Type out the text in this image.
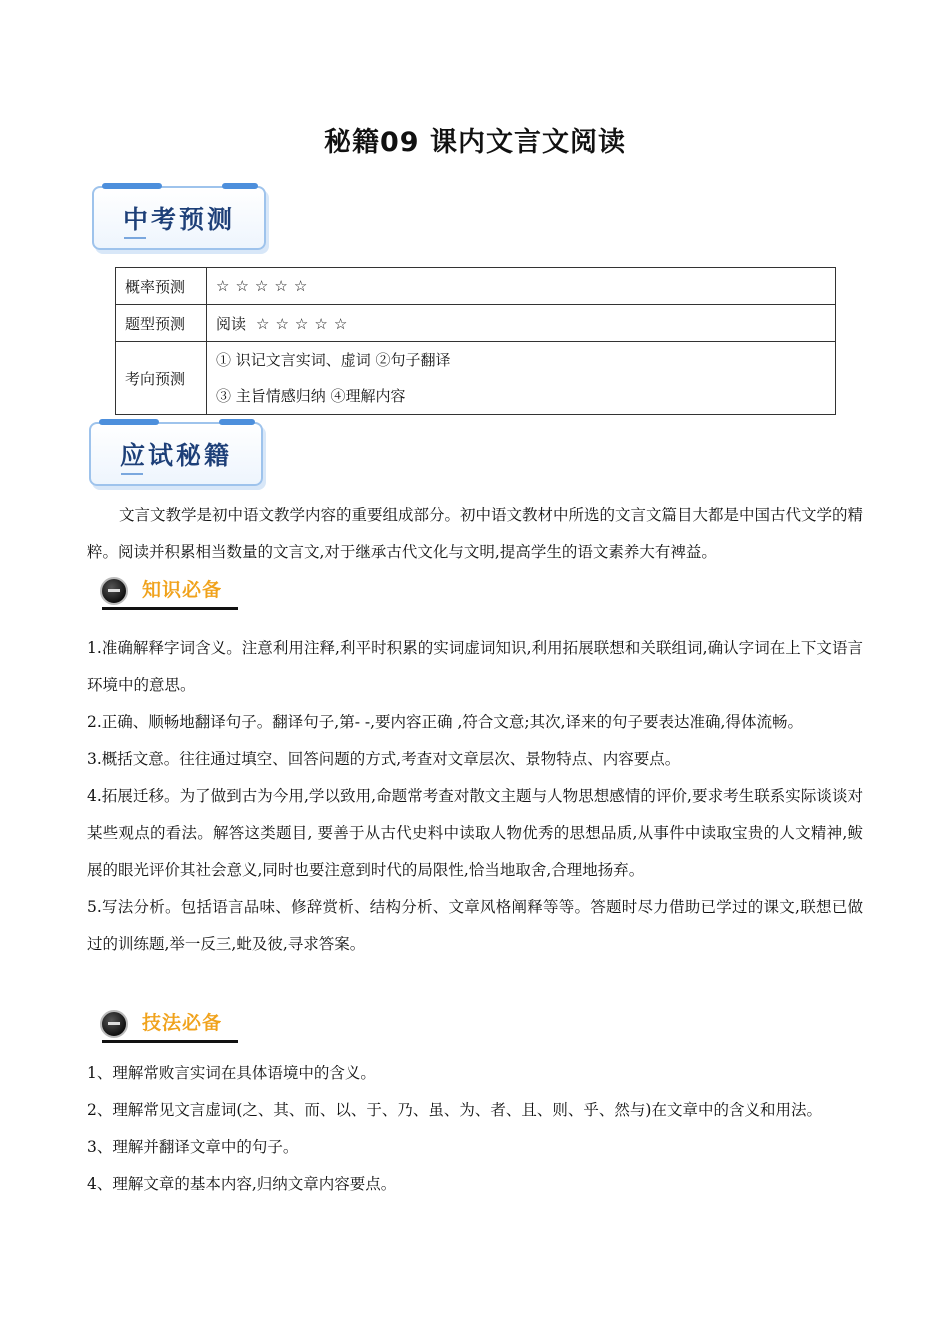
秘籍09 课内文言文阅读
中考预测
概率预测	☆ ☆ ☆ ☆ ☆
题型预测	阅读 ☆ ☆ ☆ ☆ ☆
考向预测	① 识记文言实词、虚词 ②句子翻译
③ 主旨情感归纳 ④理解内容
应试秘籍
文言文教学是初中语文教学内容的重要组成部分。初中语文教材中所选的文言文篇目大都是中国古代文学的精粹。阅读并积累相当数量的文言文,对于继承古代文化与文明,提高学生的语文素养大有裨益。
知识必备
1.准确解释字词含义。注意利用注释,利平时积累的实词虚词知识,利用拓展联想和关联组词,确认字词在上下文语言环境中的意思。
2.正确、顺畅地翻译句子。翻译句子,第- -,要内容正确 ,符合文意;其次,译来的句子要表达准确,得体流畅。
3.概括文意。往往通过填空、回答问题的方式,考查对文章层次、景物特点、内容要点。
4.拓展迁移。为了做到古为今用,学以致用,命题常考查对散文主题与人物思想感情的评价,要求考生联系实际谈谈对某些观点的看法。解答这类题目, 要善于从古代史料中读取人物优秀的思想品质,从事件中读取宝贵的人文精神,鲅展的眼光评价其社会意义,同时也要注意到时代的局限性,恰当地取舍,合理地扬弃。
5.写法分析。包括语言品味、修辞赏析、结构分析、文章风格阐释等等。答题时尽力借助已学过的课文,联想已做过的训练题,举一反三,蚍及彼,寻求答案。
技法必备
1、理解常败言实词在具体语境中的含义。
2、理解常见文言虚词(之、其、而、以、于、乃、虽、为、者、且、则、乎、然与)在文章中的含义和用法。
3、理解并翻译文章中的句子。
4、理解文章的基本内容,归纳文章内容要点。
